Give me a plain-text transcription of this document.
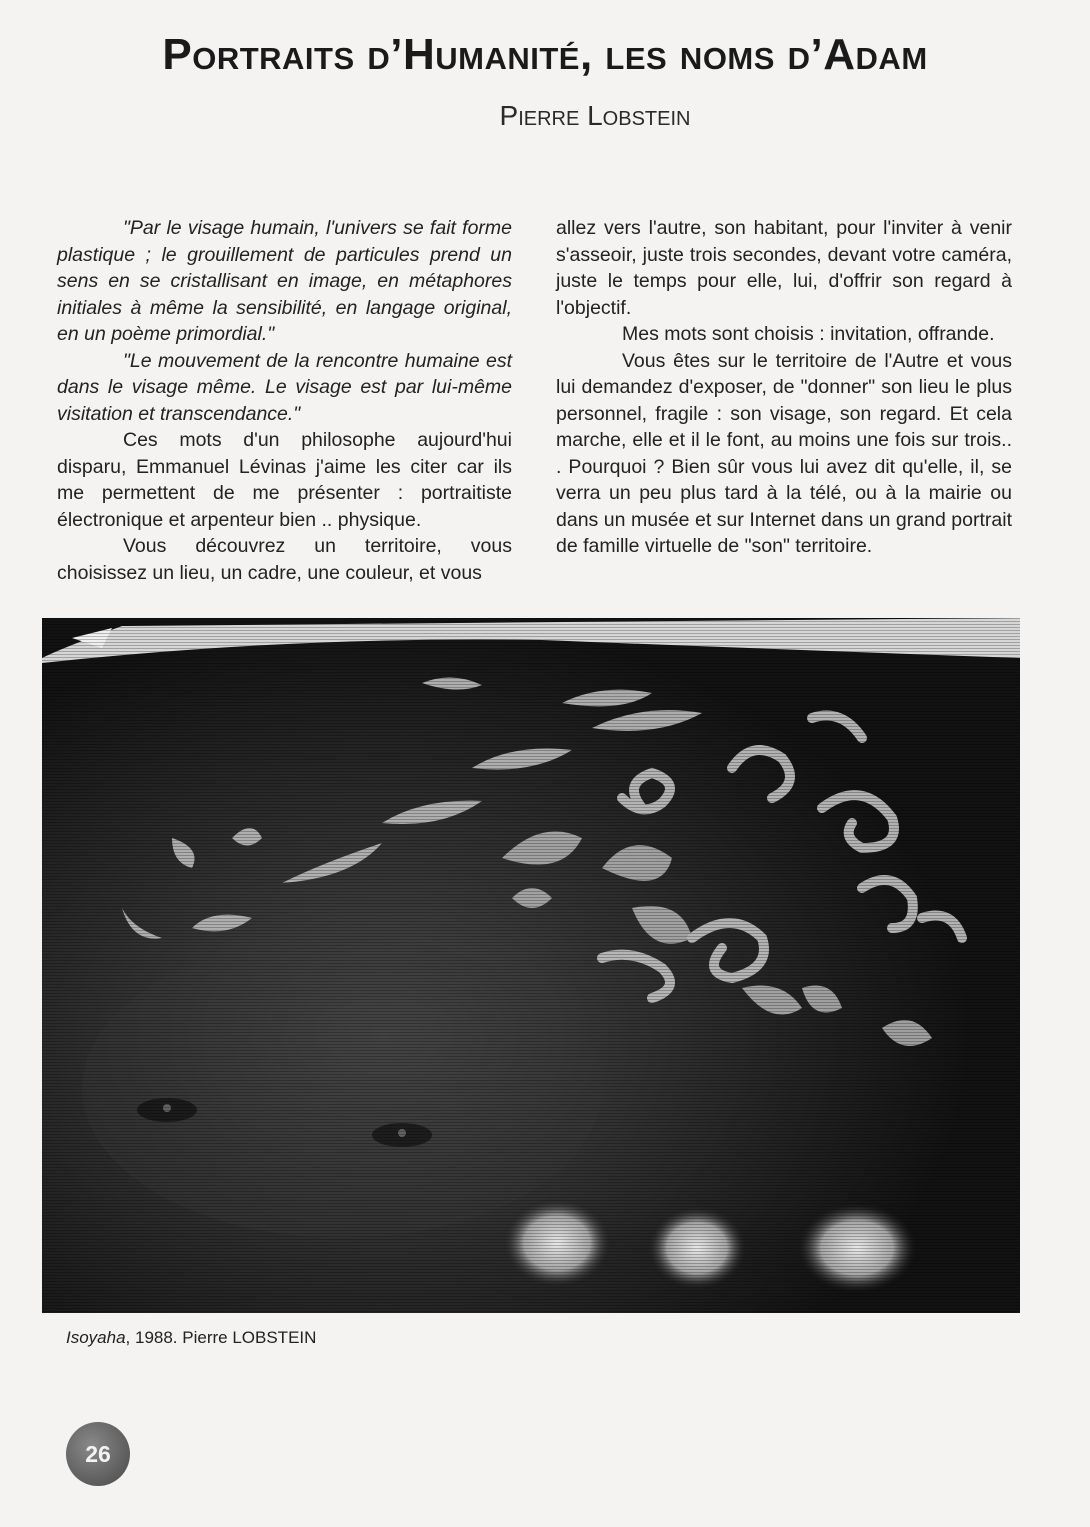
Portraits d’Humanité, les noms d’Adam
Pierre Lobstein

"Par le visage humain, l'univers se fait forme plastique ; le grouillement de particules prend un sens en se cristallisant en image, en métaphores initiales à même la sensibilité, en langage original, en un poème primordial."

"Le mouvement de la rencontre humaine est dans le visage même. Le visage est par lui-même visitation et transcendance."

Ces mots d'un philosophe aujourd'hui disparu, Emmanuel Lévinas j'aime les citer car ils me permettent de me présenter : portraitiste électronique et arpenteur bien .. physique.

Vous découvrez un territoire, vous choisissez un lieu, un cadre, une couleur, et vous

allez vers l'autre, son habitant, pour l'inviter à venir s'asseoir, juste trois secondes, devant votre caméra, juste le temps pour elle, lui, d'offrir son regard à l'objectif.

Mes mots sont choisis : invitation, offrande.

Vous êtes sur le territoire de l'Autre et vous lui demandez d'exposer, de "donner" son lieu le plus personnel, fragile : son visage, son regard. Et cela marche, elle et il le font, au moins une fois sur trois.. . Pourquoi ? Bien sûr vous lui avez dit qu'elle, il, se verra un peu plus tard à la télé, ou à la mairie ou dans un musée et sur Internet dans un grand portrait de famille virtuelle de "son" territoire.

Isoyaha, 1988. Pierre LOBSTEIN
26
